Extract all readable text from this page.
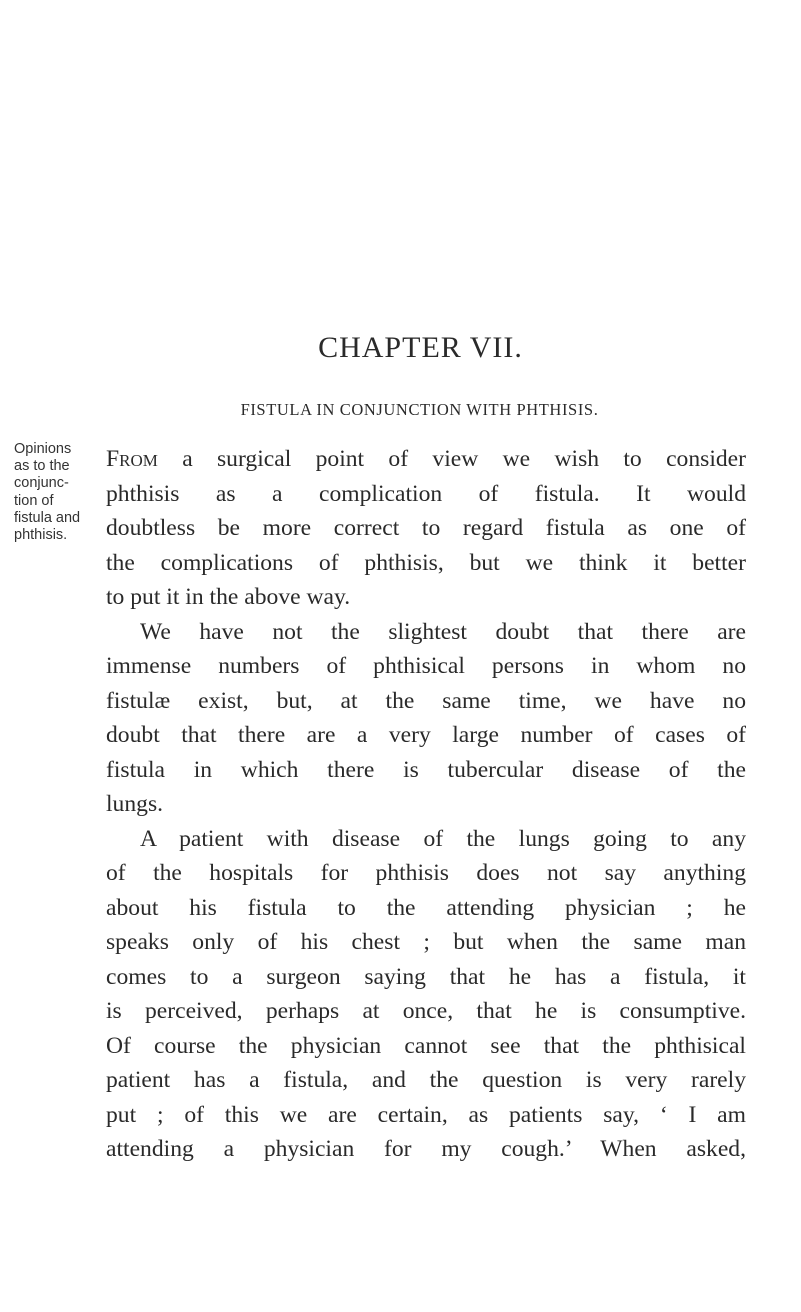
CHAPTER VII.
FISTULA IN CONJUNCTION WITH PHTHISIS.
Opinions
as to the
conjunc-
tion of
fistula and
phthisis.

From a surgical point of view we wish to consider
phthisis as a complication of fistula. It would
doubtless be more correct to regard fistula as one of
the complications of phthisis, but we think it better
to put it in the above way.

We have not the slightest doubt that there are
immense numbers of phthisical persons in whom no
fistulæ exist, but, at the same time, we have no
doubt that there are a very large number of cases of
fistula in which there is tubercular disease of the
lungs.

A patient with disease of the lungs going to any
of the hospitals for phthisis does not say anything
about his fistula to the attending physician ; he
speaks only of his chest ; but when the same man
comes to a surgeon saying that he has a fistula, it
is perceived, perhaps at once, that he is consumptive.
Of course the physician cannot see that the phthisical
patient has a fistula, and the question is very rarely
put ; of this we are certain, as patients say, ‘ I am
attending a physician for my cough.’ When asked,
